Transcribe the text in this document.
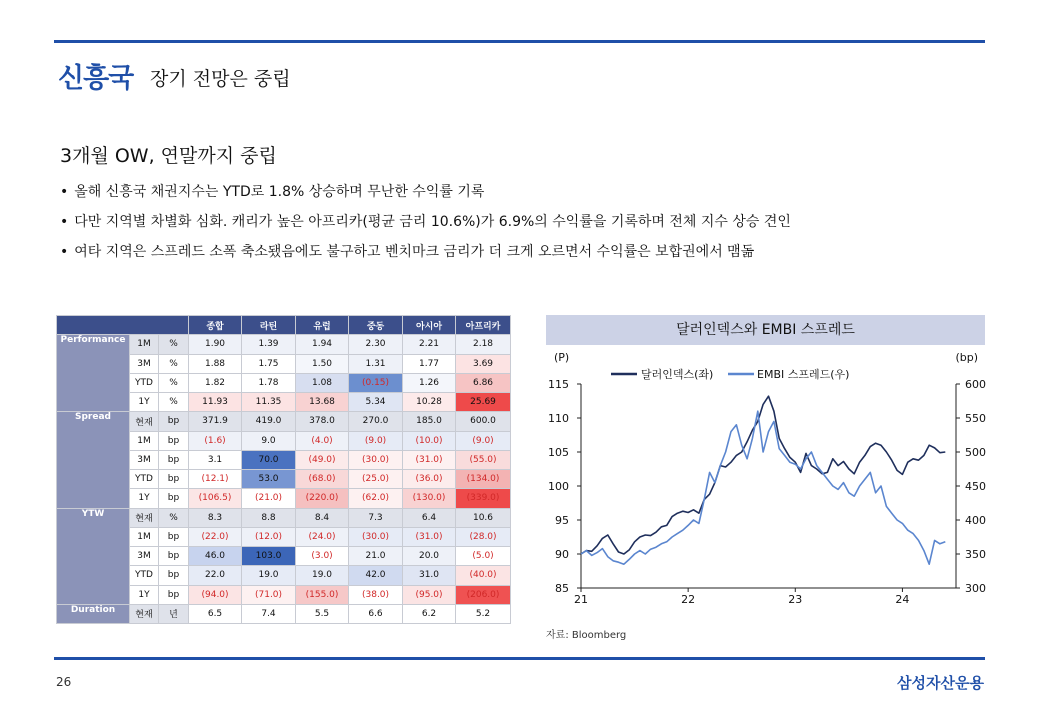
신흥국 장기 전망은 중립
3개월 OW, 연말까지 중립
• 올해 신흥국 채권지수는 YTD로 1.8% 상승하며 무난한 수익률 기록
• 다만 지역별 차별화 심화. 캐리가 높은 아프리카(평균 금리 10.6%)가 6.9%의 수익률을 기록하며 전체 지수 상승 견인
• 여타 지역은 스프레드 소폭 축소됐음에도 불구하고 벤치마크 금리가 더 크게 오르면서 수익률은 보합권에서 맴돎
			종합	라틴	유럽	중동	아시아	아프리카
Performance	1M	%	1.90	1.39	1.94	2.30	2.21	2.18
	3M	%	1.88	1.75	1.50	1.31	1.77	3.69
	YTD	%	1.82	1.78	1.08	(0.15)	1.26	6.86
	1Y	%	11.93	11.35	13.68	5.34	10.28	25.69
Spread	현재	bp	371.9	419.0	378.0	270.0	185.0	600.0
	1M	bp	(1.6)	9.0	(4.0)	(9.0)	(10.0)	(9.0)
	3M	bp	3.1	70.0	(49.0)	(30.0)	(31.0)	(55.0)
	YTD	bp	(12.1)	53.0	(68.0)	(25.0)	(36.0)	(134.0)
	1Y	bp	(106.5)	(21.0)	(220.0)	(62.0)	(130.0)	(339.0)
YTW	현재	%	8.3	8.8	8.4	7.3	6.4	10.6
	1M	bp	(22.0)	(12.0)	(24.0)	(30.0)	(31.0)	(28.0)
	3M	bp	46.0	103.0	(3.0)	21.0	20.0	(5.0)
	YTD	bp	22.0	19.0	19.0	42.0	31.0	(40.0)
	1Y	bp	(94.0)	(71.0)	(155.0)	(38.0)	(95.0)	(206.0)
Duration	현재	년	6.5	7.4	5.5	6.6	6.2	5.2
달러인덱스와 EMBI 스프레드
85
90
95
100
105
110
115
300
350
400
450
500
550
600
21	22	23	24
(P)	(bp)
달러인덱스(좌)	EMBI 스프레드(우)
자료: Bloomberg
26	삼성자산운용
